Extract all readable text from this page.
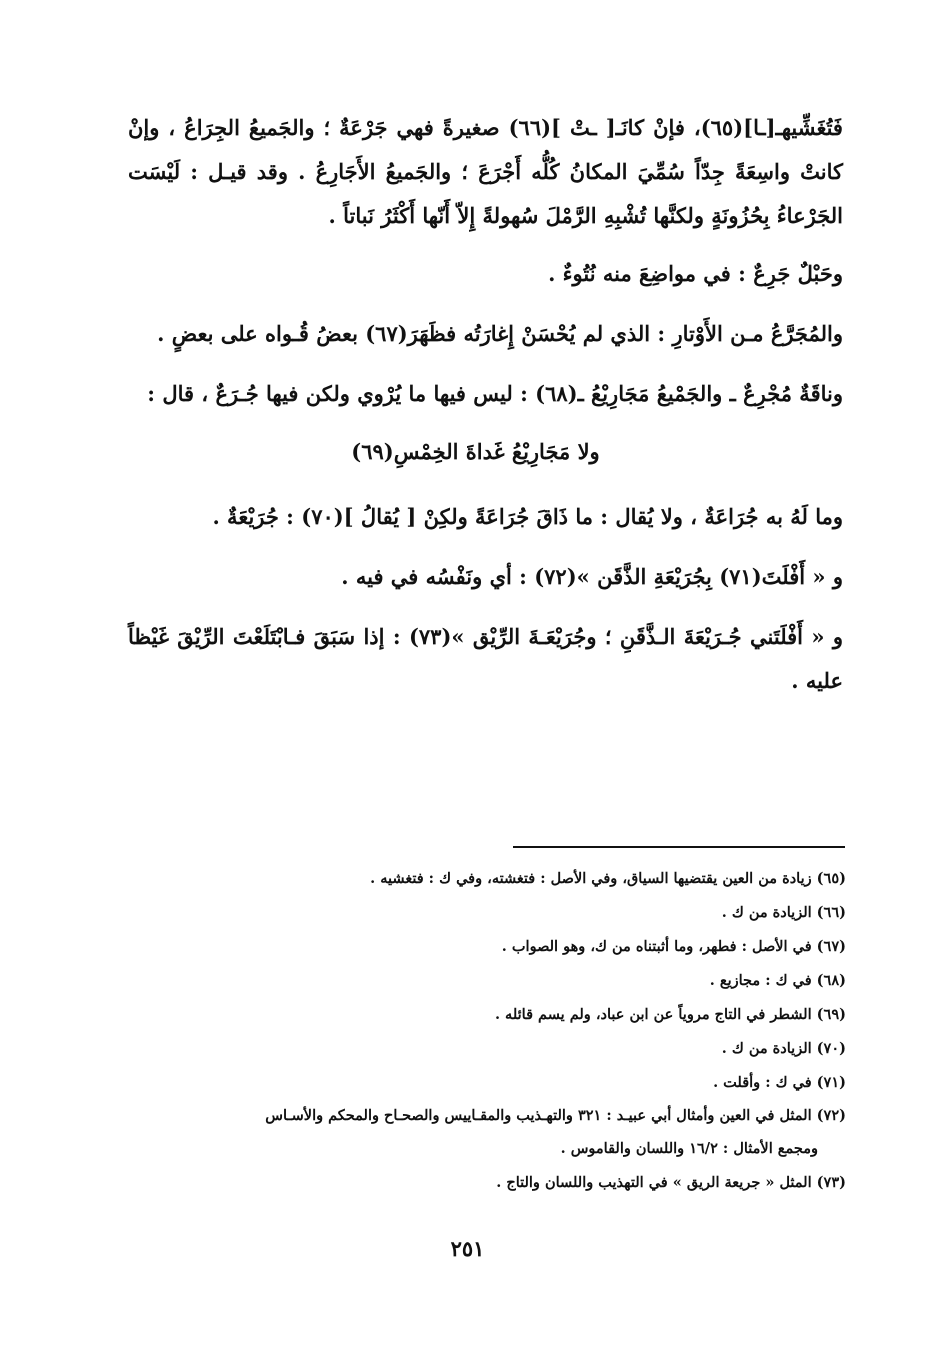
فَتُغَشِّيهـ[ـا](٦٥)، فإنْ كانَـ[ ـتْ ](٦٦) صغيرةً فهي جَرْعَةٌ ؛ والجَميعُ الجِرَاعُ ، وإنْ كانتْ واسِعَةً جِدّاً سُمِّيَ المكانُ كُلُّه أَجْرَعَ ؛ والجَميعُ الأَجَارِعُ . وقد قيـل : لَيْسَت الجَرْعاءُ بِحُزُونَةٍ ولكنَّها تُشْبِهِ الرَّمْلَ سُهولةً إِلاّ أَنّها أَكْثَرُ نَباتاً .

وحَبْلٌ جَرِعٌ : في مواضِعَ منه نُتُوءٌ .

والمُجَرَّعُ مـن الأَوْتارِ : الذي لم يُحْسَنْ إِغارَتُه فظَهَرَ(٦٧) بعضُ قُـواه على بعضٍ .

وناقَةٌ مُجْرِعٌ ـ والجَمْيعُ مَجَارِيْعُ ـ(٦٨) : ليس فيها ما يُرْوي ولكن فيها جُـرَعٌ ، قال :

ولا مَجَارِيْعُ غَداةَ الخِمْسِ(٦٩)

وما لَهُ به جُرَاعَةٌ ، ولا يُقال : ما ذَاقَ جُرَاعَةً ولكِنْ [ يُقالُ ](٧٠) : جُرَيْعَةٌ .

و « أَفْلَتَ(٧١) بِجُرَيْعَةِ الذَّقَن »(٧٢) : أي ونَفْسُه في فيه .

و « أَفْلَتَني جُـرَيْعَةَ الـذَّقَنِ ؛ وجُرَيْعَـةَ الرِّيْق »(٧٣) : إذا سَبَقَ فـابْتَلَعْتَ الرِّيْقَ غَيْظاً عليه .

(٦٥) زيادة من العين يقتضيها السياق، وفي الأصل : فتغشته، وفي ك : فتغشيه .

(٦٦) الزيادة من ك .

(٦٧) في الأصل : فطهر، وما أثبتناه من ك، وهو الصواب .

(٦٨) في ك : مجازيع .

(٦٩) الشطر في التاج مروياً عن ابن عباد، ولم يسم قائله .

(٧٠) الزيادة من ك .

(٧١) في ك : وأقلت .

(٧٢) المثل في العين وأمثال أبي عبيـد : ٣٢١ والتهـذيب والمقـاييس والصحـاح والمحكم والأسـاس

ومجمع الأمثال : ١٦/٢ واللسان والقاموس .

(٧٣) المثل « جريعة الريق » في التهذيب واللسان والتاج .

٢٥١
